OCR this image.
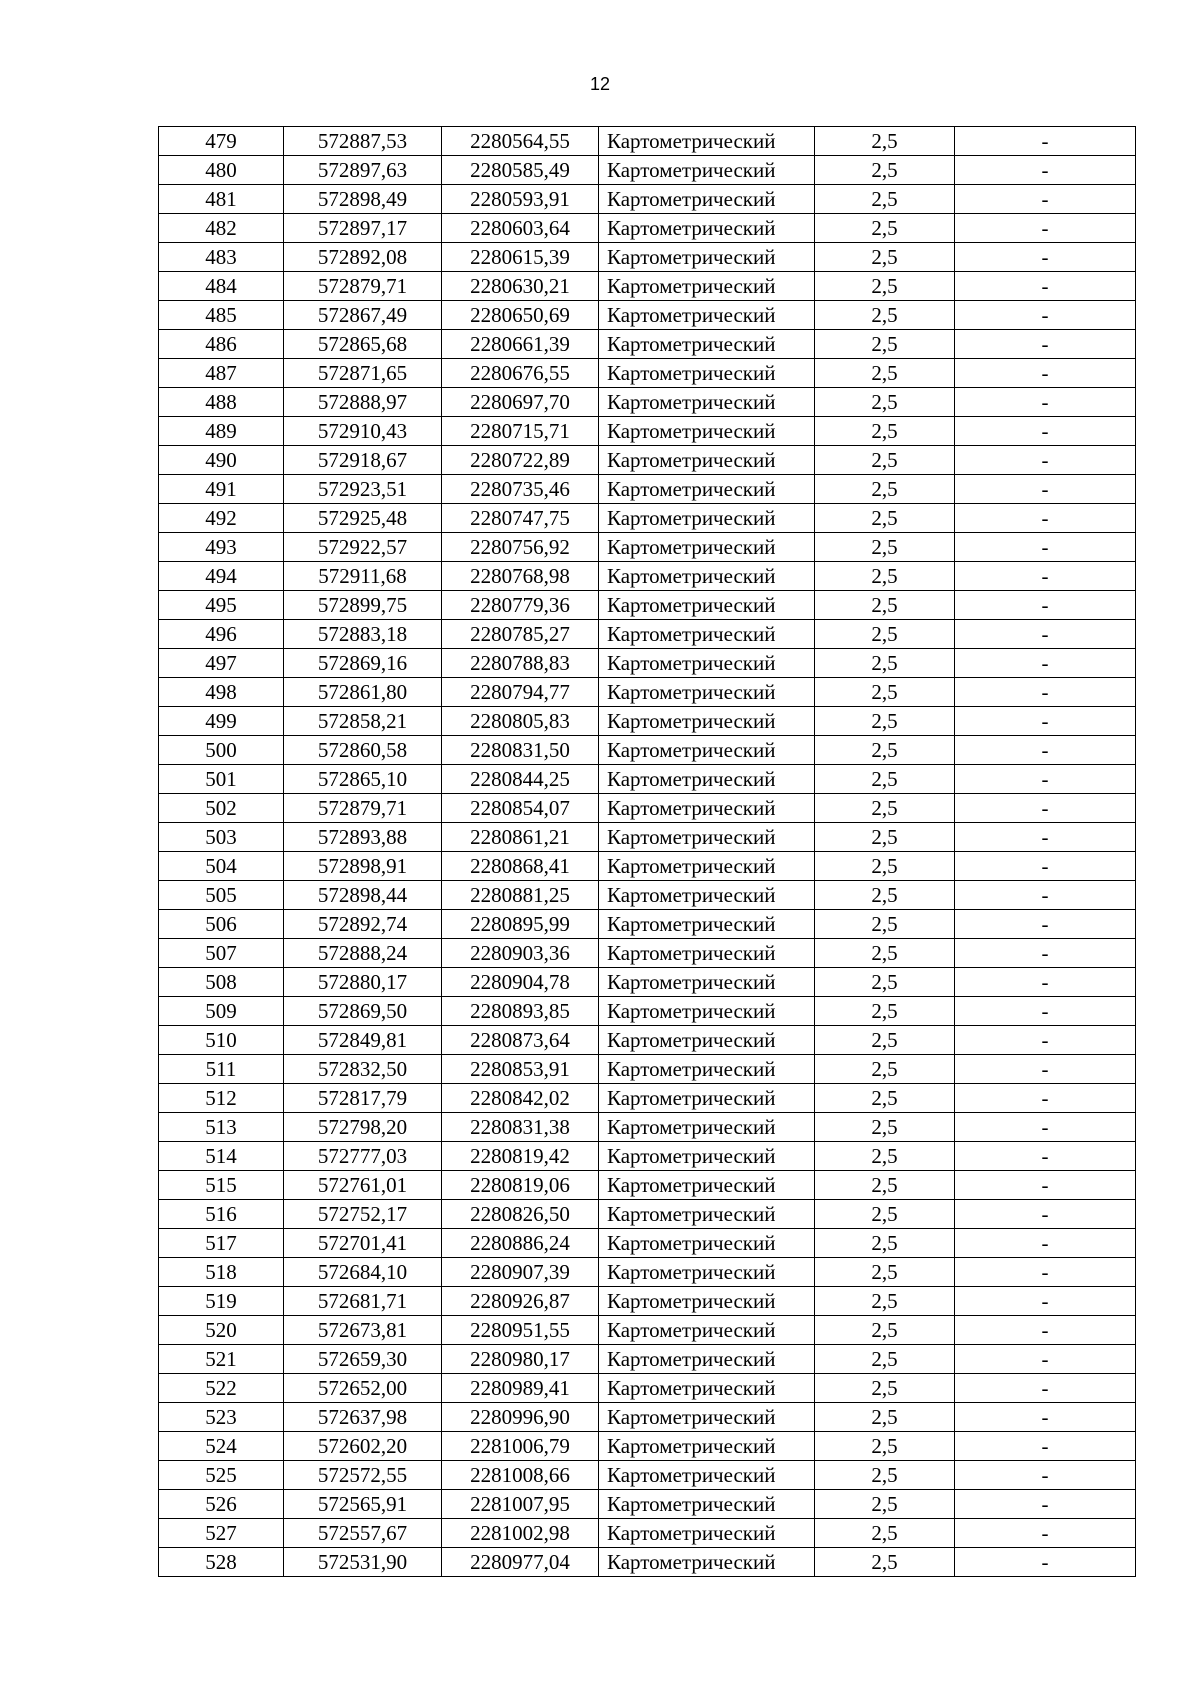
12
479	572887,53	2280564,55	Картометрический	2,5	-
480	572897,63	2280585,49	Картометрический	2,5	-
481	572898,49	2280593,91	Картометрический	2,5	-
482	572897,17	2280603,64	Картометрический	2,5	-
483	572892,08	2280615,39	Картометрический	2,5	-
484	572879,71	2280630,21	Картометрический	2,5	-
485	572867,49	2280650,69	Картометрический	2,5	-
486	572865,68	2280661,39	Картометрический	2,5	-
487	572871,65	2280676,55	Картометрический	2,5	-
488	572888,97	2280697,70	Картометрический	2,5	-
489	572910,43	2280715,71	Картометрический	2,5	-
490	572918,67	2280722,89	Картометрический	2,5	-
491	572923,51	2280735,46	Картометрический	2,5	-
492	572925,48	2280747,75	Картометрический	2,5	-
493	572922,57	2280756,92	Картометрический	2,5	-
494	572911,68	2280768,98	Картометрический	2,5	-
495	572899,75	2280779,36	Картометрический	2,5	-
496	572883,18	2280785,27	Картометрический	2,5	-
497	572869,16	2280788,83	Картометрический	2,5	-
498	572861,80	2280794,77	Картометрический	2,5	-
499	572858,21	2280805,83	Картометрический	2,5	-
500	572860,58	2280831,50	Картометрический	2,5	-
501	572865,10	2280844,25	Картометрический	2,5	-
502	572879,71	2280854,07	Картометрический	2,5	-
503	572893,88	2280861,21	Картометрический	2,5	-
504	572898,91	2280868,41	Картометрический	2,5	-
505	572898,44	2280881,25	Картометрический	2,5	-
506	572892,74	2280895,99	Картометрический	2,5	-
507	572888,24	2280903,36	Картометрический	2,5	-
508	572880,17	2280904,78	Картометрический	2,5	-
509	572869,50	2280893,85	Картометрический	2,5	-
510	572849,81	2280873,64	Картометрический	2,5	-
511	572832,50	2280853,91	Картометрический	2,5	-
512	572817,79	2280842,02	Картометрический	2,5	-
513	572798,20	2280831,38	Картометрический	2,5	-
514	572777,03	2280819,42	Картометрический	2,5	-
515	572761,01	2280819,06	Картометрический	2,5	-
516	572752,17	2280826,50	Картометрический	2,5	-
517	572701,41	2280886,24	Картометрический	2,5	-
518	572684,10	2280907,39	Картометрический	2,5	-
519	572681,71	2280926,87	Картометрический	2,5	-
520	572673,81	2280951,55	Картометрический	2,5	-
521	572659,30	2280980,17	Картометрический	2,5	-
522	572652,00	2280989,41	Картометрический	2,5	-
523	572637,98	2280996,90	Картометрический	2,5	-
524	572602,20	2281006,79	Картометрический	2,5	-
525	572572,55	2281008,66	Картометрический	2,5	-
526	572565,91	2281007,95	Картометрический	2,5	-
527	572557,67	2281002,98	Картометрический	2,5	-
528	572531,90	2280977,04	Картометрический	2,5	-
